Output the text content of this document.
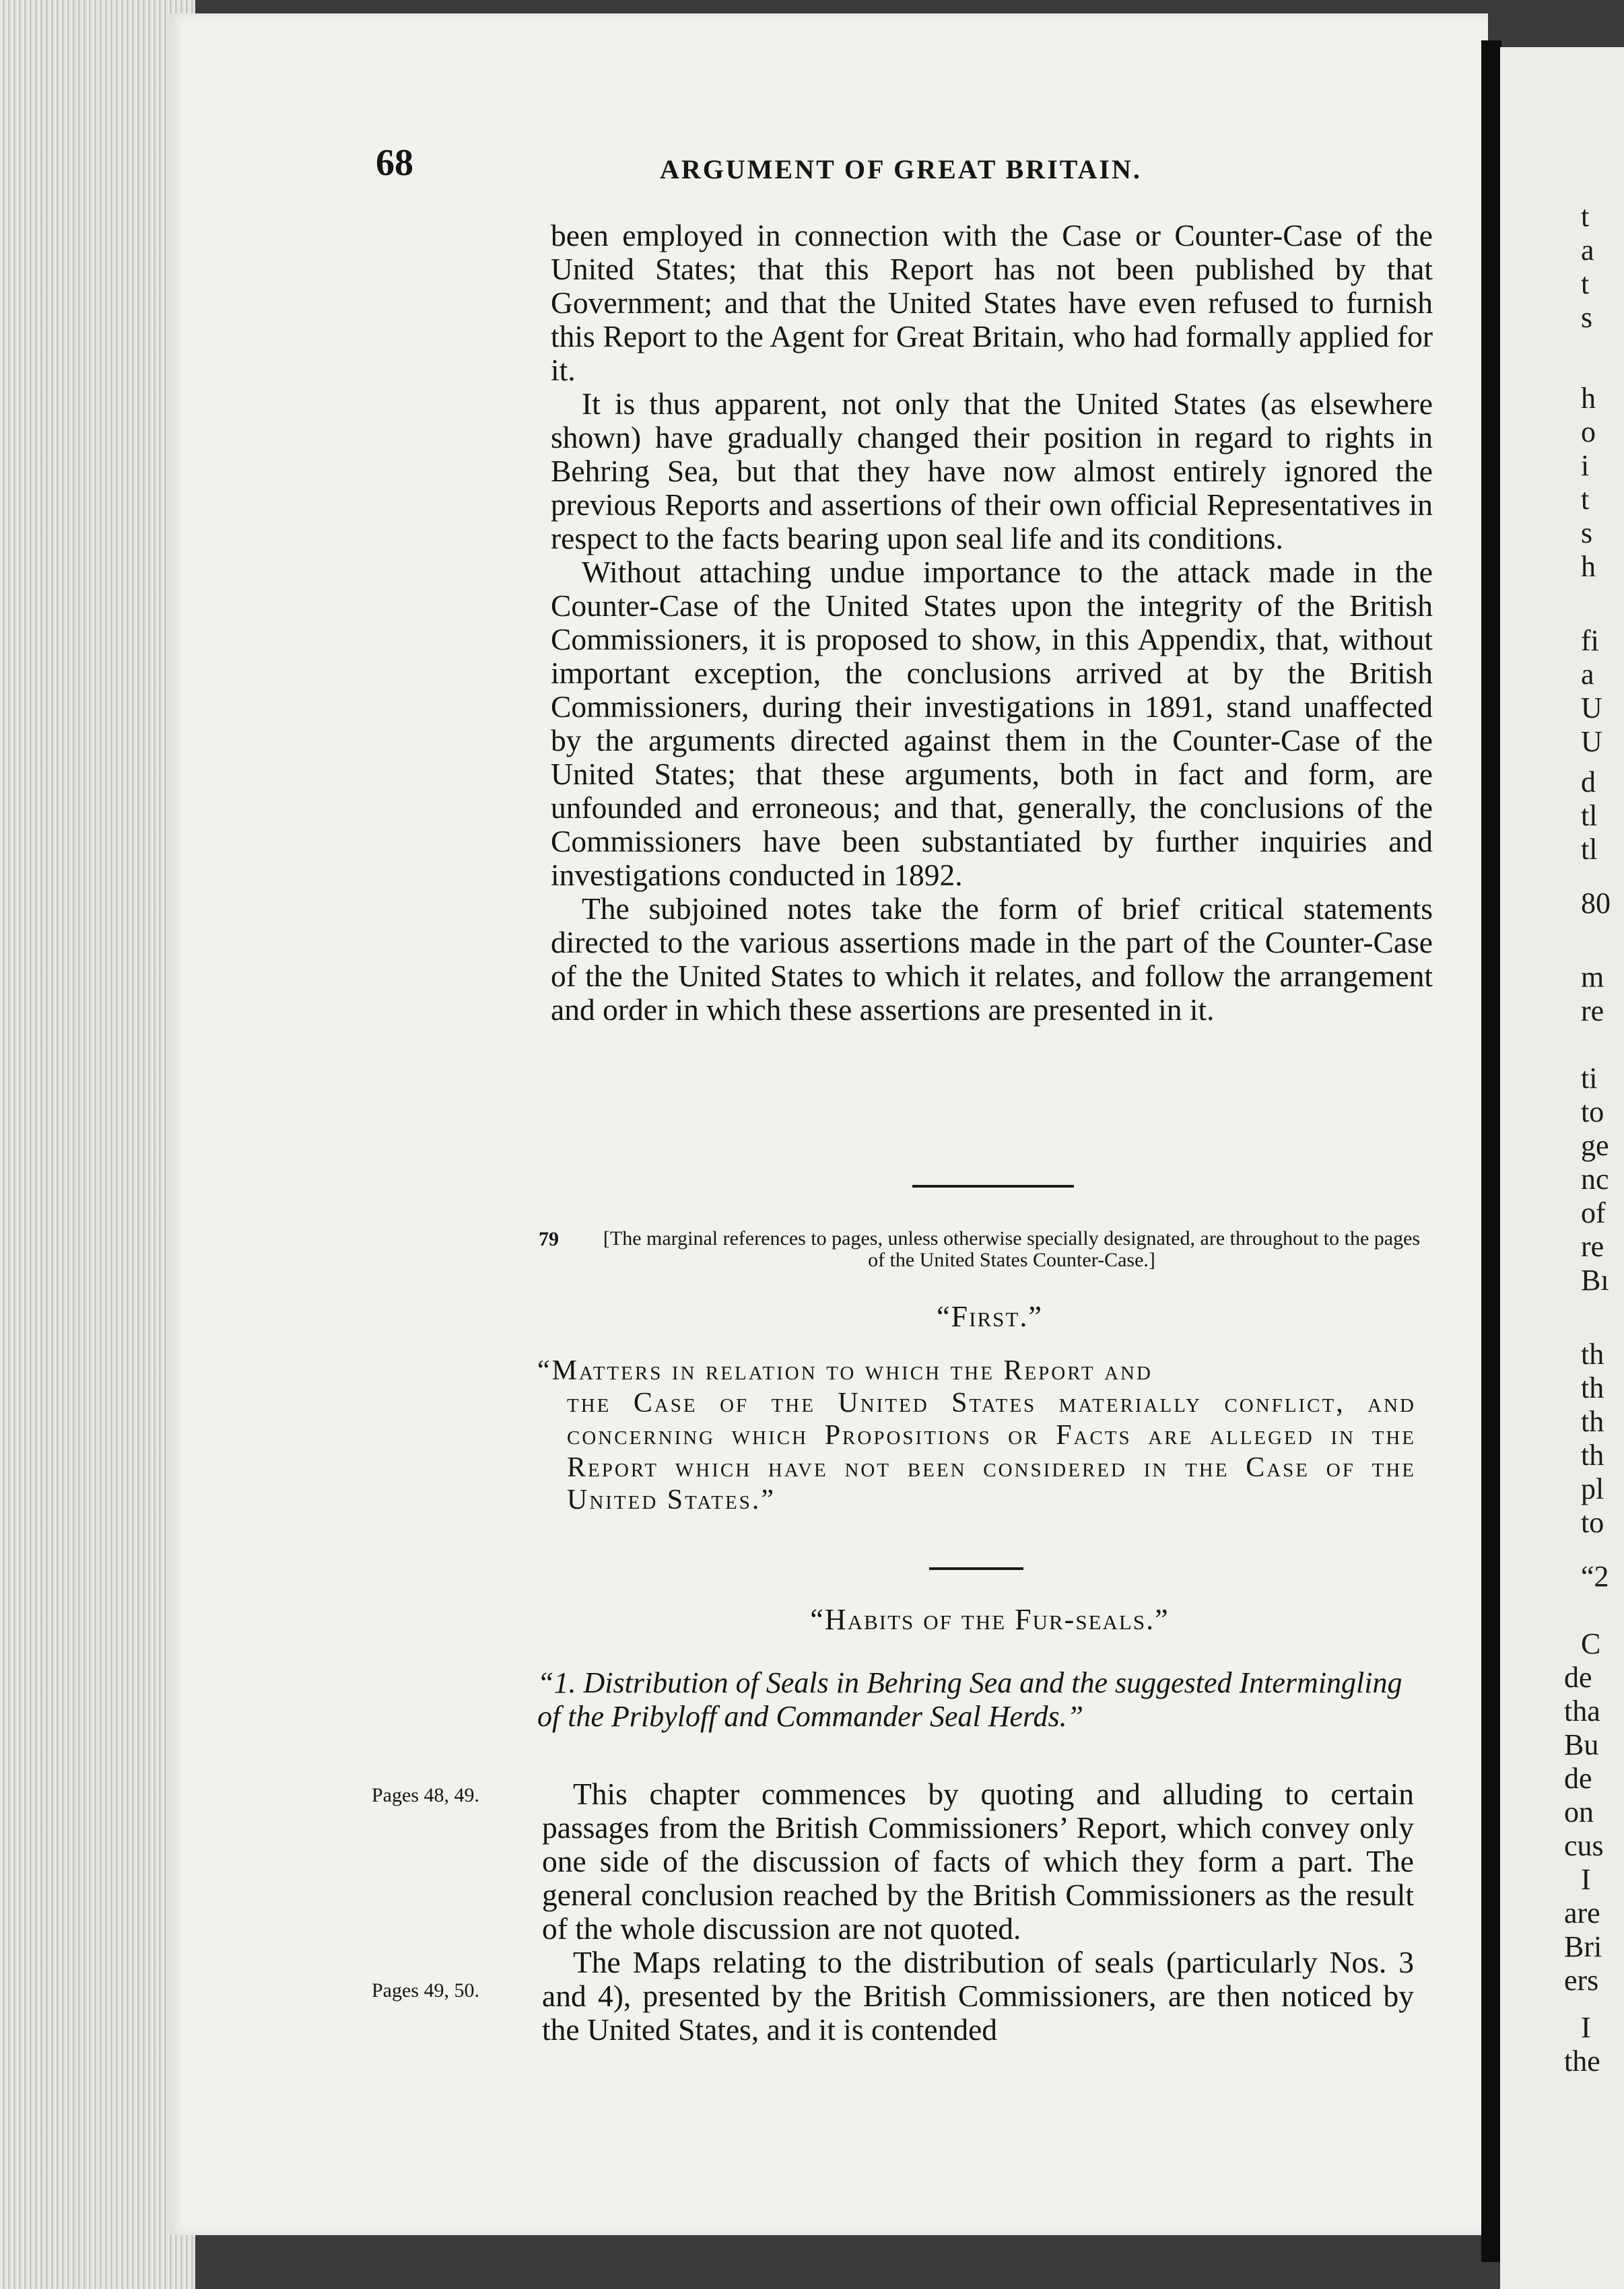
t
a
t
s
h
o
i
t
s
h
fi
a
U
U
d
tl
tl
80
m
re
ti
to
ge
nc
of
re
Bı
th
th
th
th
pl
to
“2
C
de
tha
Bu
de
on
cus
I
are
Bri
ers
I
the
68	ARGUMENT OF GREAT BRITAIN.

been employed in connection with the Case or Counter-Case of the United States; that this Report has not been published by that Government; and that the United States have even refused to furnish this Report to the Agent for Great Britain, who had formally applied for it.

It is thus apparent, not only that the United States (as elsewhere shown) have gradually changed their position in regard to rights in Behring Sea, but that they have now almost entirely ignored the previous Reports and assertions of their own official Representatives in respect to the facts bearing upon seal life and its conditions.

Without attaching undue importance to the attack made in the Counter-Case of the United States upon the integrity of the British Commissioners, it is proposed to show, in this Appendix, that, without important exception, the conclusions arrived at by the British Commissioners, during their investigations in 1891, stand unaffected by the arguments directed against them in the Counter-Case of the United States; that these arguments, both in fact and form, are unfounded and erroneous; and that, generally, the conclusions of the Commissioners have been substantiated by further inquiries and investigations conducted in 1892.

The subjoined notes take the form of brief critical statements directed to the various assertions made in the part of the Counter-Case of the the United States to which it relates, and follow the arrangement and order in which these assertions are presented in it.

79 [The marginal references to pages, unless otherwise specially designated, are throughout to the pages of the United States Counter-Case.]
“First.”
“Matters in relation to which the Report and
the Case of the United States materially conflict, and concerning which Propositions or Facts are alleged in the Report which have not been considered in the Case of the United States.”
“Habits of the Fur-seals.”
“1. Distribution of Seals in Behring Sea and the suggested Intermingling of the Pribyloff and Commander Seal Herds.”
Pages 48, 49.
Pages 49, 50.

This chapter commences by quoting and alluding to certain passages from the British Commissioners’ Report, which convey only one side of the discussion of facts of which they form a part. The general conclusion reached by the British Commissioners as the result of the whole discussion are not quoted.

The Maps relating to the distribution of seals (particularly Nos. 3 and 4), presented by the British Commissioners, are then noticed by the United States, and it is contended
